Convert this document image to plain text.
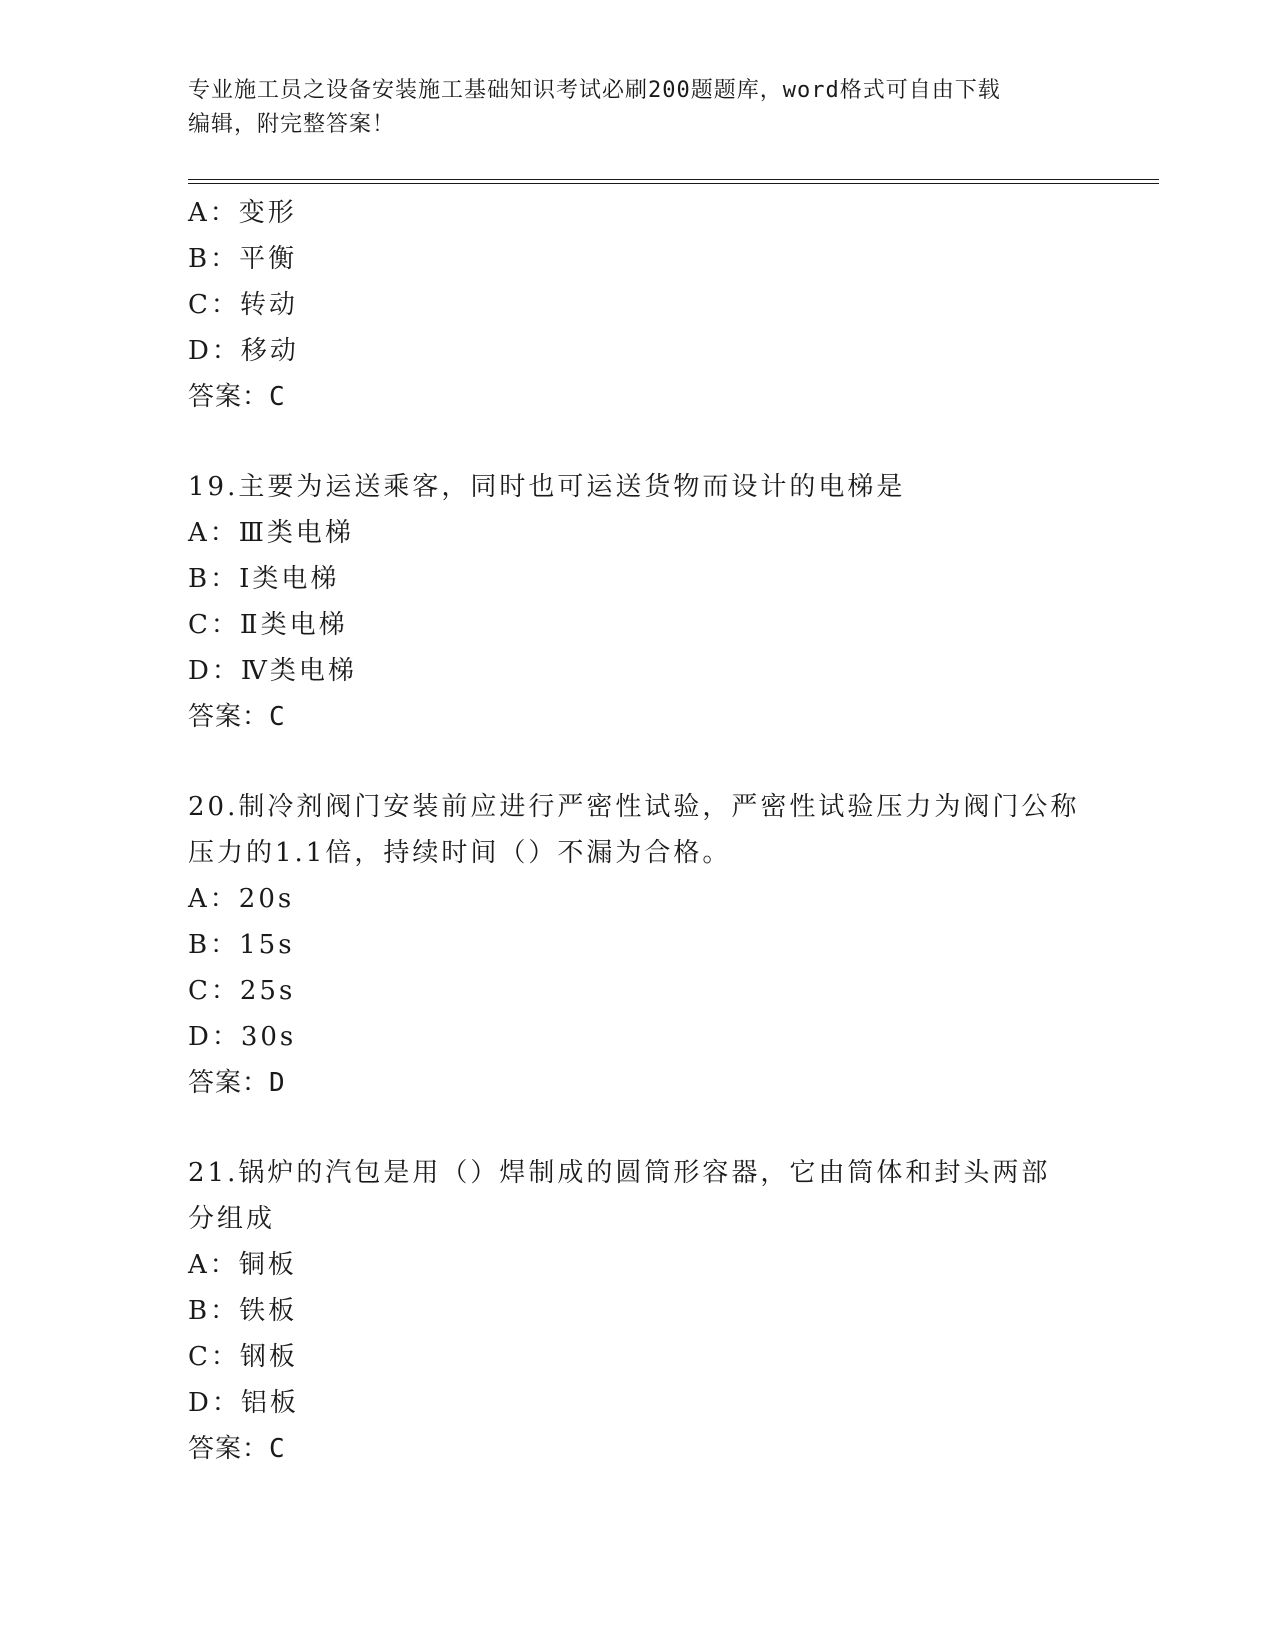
专业施工员之设备安装施工基础知识考试必刷200题题库，word格式可自由下载
编辑，附完整答案！
A：变形
B：平衡
C：转动
D：移动
答案：C
19.主要为运送乘客，同时也可运送货物而设计的电梯是
A：Ⅲ类电梯
B：Ⅰ类电梯
C：Ⅱ类电梯
D：Ⅳ类电梯
答案：C
20.制冷剂阀门安装前应进行严密性试验，严密性试验压力为阀门公称
压力的1.1倍，持续时间（）不漏为合格。
A：20s
B：15s
C：25s
D：30s
答案：D
21.锅炉的汽包是用（）焊制成的圆筒形容器，它由筒体和封头两部
分组成
A：铜板
B：铁板
C：钢板
D：铝板
答案：C
